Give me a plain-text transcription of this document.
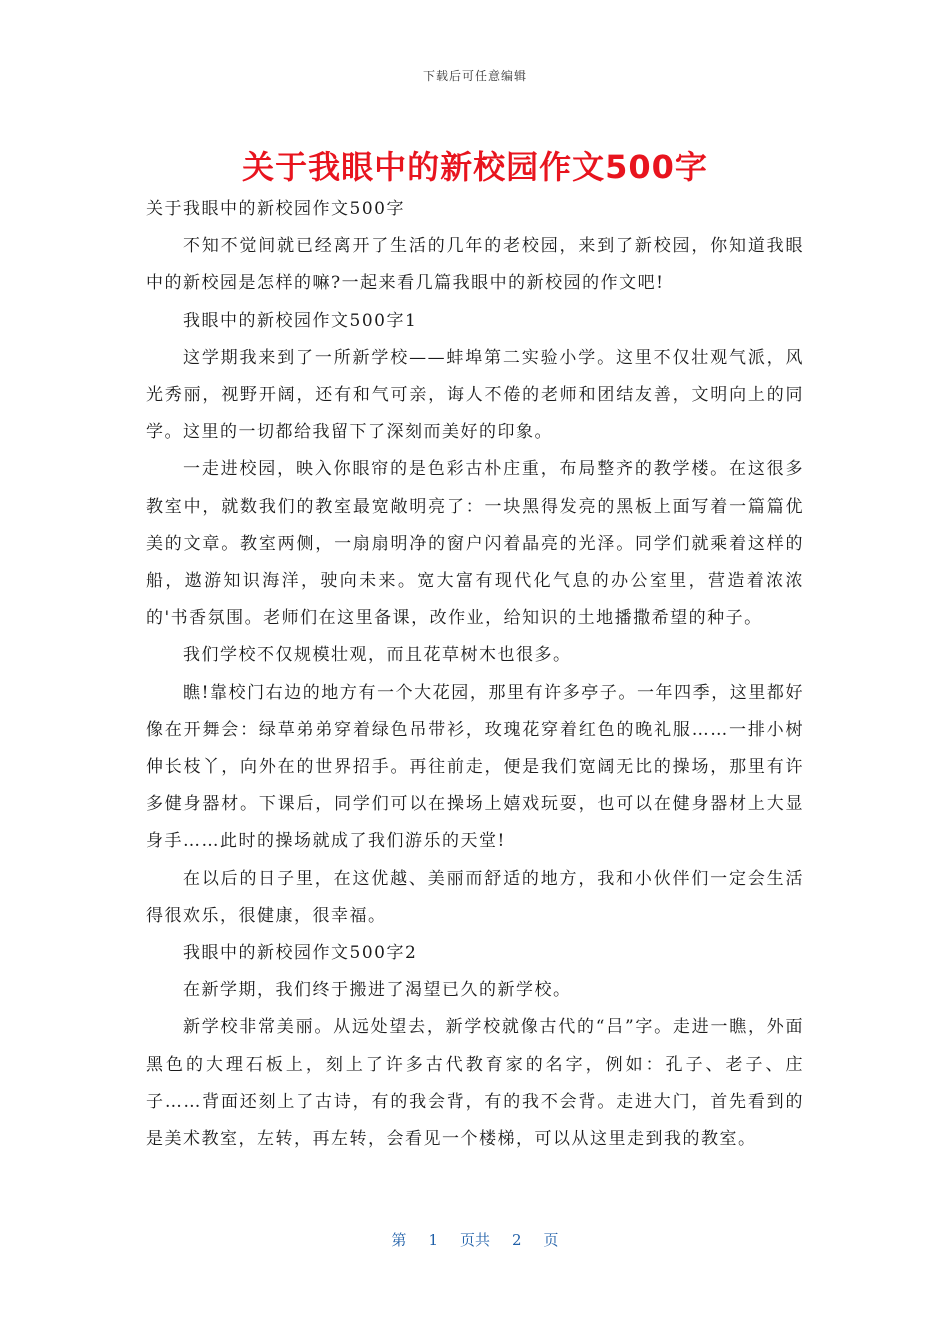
下载后可任意编辑
关于我眼中的新校园作文500字

关于我眼中的新校园作文500字

不知不觉间就已经离开了生活的几年的老校园，来到了新校园，你知道我眼中的新校园是怎样的嘛?一起来看几篇我眼中的新校园的作文吧!

我眼中的新校园作文500字1

这学期我来到了一所新学校——蚌埠第二实验小学。这里不仅壮观气派，风光秀丽，视野开阔，还有和气可亲，诲人不倦的老师和团结友善，文明向上的同学。这里的一切都给我留下了深刻而美好的印象。

一走进校园，映入你眼帘的是色彩古朴庄重，布局整齐的教学楼。在这很多教室中，就数我们的教室最宽敞明亮了：一块黑得发亮的黑板上面写着一篇篇优美的文章。教室两侧，一扇扇明净的窗户闪着晶亮的光泽。同学们就乘着这样的船，遨游知识海洋，驶向未来。宽大富有现代化气息的办公室里，营造着浓浓的'书香氛围。老师们在这里备课，改作业，给知识的土地播撒希望的种子。

我们学校不仅规模壮观，而且花草树木也很多。

瞧!靠校门右边的地方有一个大花园，那里有许多亭子。一年四季，这里都好像在开舞会：绿草弟弟穿着绿色吊带衫，玫瑰花穿着红色的晚礼服……一排小树伸长枝丫，向外在的世界招手。再往前走，便是我们宽阔无比的操场，那里有许多健身器材。下课后，同学们可以在操场上嬉戏玩耍，也可以在健身器材上大显身手……此时的操场就成了我们游乐的天堂!

在以后的日子里，在这优越、美丽而舒适的地方，我和小伙伴们一定会生活得很欢乐，很健康，很幸福。

我眼中的新校园作文500字2

在新学期，我们终于搬进了渴望已久的新学校。

新学校非常美丽。从远处望去，新学校就像古代的“吕”字。走进一瞧，外面黑色的大理石板上，刻上了许多古代教育家的名字，例如：孔子、老子、庄子……背面还刻上了古诗，有的我会背，有的我不会背。走进大门，首先看到的是美术教室，左转，再左转，会看见一个楼梯，可以从这里走到我的教室。

第 1 页共 2 页
